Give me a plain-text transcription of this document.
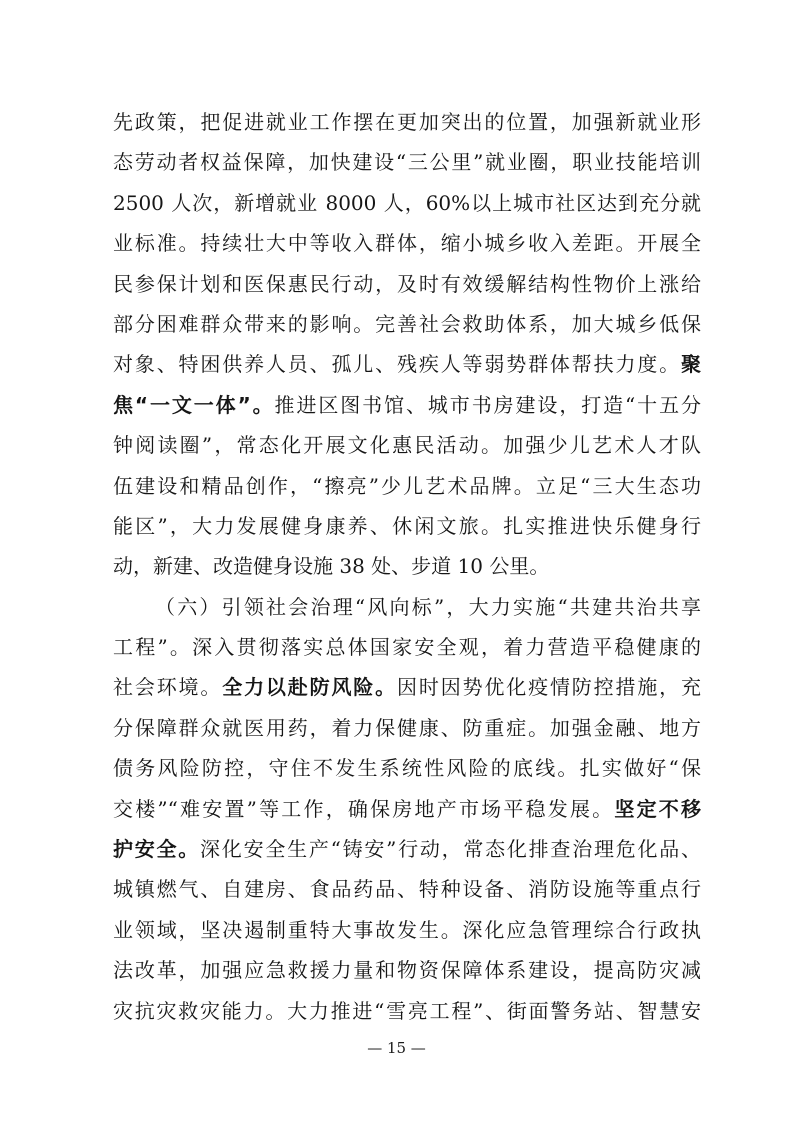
先政策，把促进就业工作摆在更加突出的位置，加强新就业形
态劳动者权益保障，加快建设“三公里”就业圈，职业技能培训
2500 人次，新增就业 8000 人，60%以上城市社区达到充分就
业标准。持续壮大中等收入群体，缩小城乡收入差距。开展全
民参保计划和医保惠民行动，及时有效缓解结构性物价上涨给
部分困难群众带来的影响。完善社会救助体系，加大城乡低保
对象、特困供养人员、孤儿、残疾人等弱势群体帮扶力度。聚
焦“一文一体”。推进区图书馆、城市书房建设，打造“十五分
钟阅读圈”，常态化开展文化惠民活动。加强少儿艺术人才队
伍建设和精品创作，“擦亮”少儿艺术品牌。立足“三大生态功
能区”，大力发展健身康养、休闲文旅。扎实推进快乐健身行
动，新建、改造健身设施 38 处、步道 10 公里。
（六）引领社会治理“风向标”，大力实施“共建共治共享
工程”。深入贯彻落实总体国家安全观，着力营造平稳健康的
社会环境。全力以赴防风险。因时因势优化疫情防控措施，充
分保障群众就医用药，着力保健康、防重症。加强金融、地方
债务风险防控，守住不发生系统性风险的底线。扎实做好“保
交楼”“难安置”等工作，确保房地产市场平稳发展。坚定不移
护安全。深化安全生产“铸安”行动，常态化排查治理危化品、
城镇燃气、自建房、食品药品、特种设备、消防设施等重点行
业领域，坚决遏制重特大事故发生。深化应急管理综合行政执
法改革，加强应急救援力量和物资保障体系建设，提高防灾减
灾抗灾救灾能力。大力推进“雪亮工程”、街面警务站、智慧安
— 15 —
